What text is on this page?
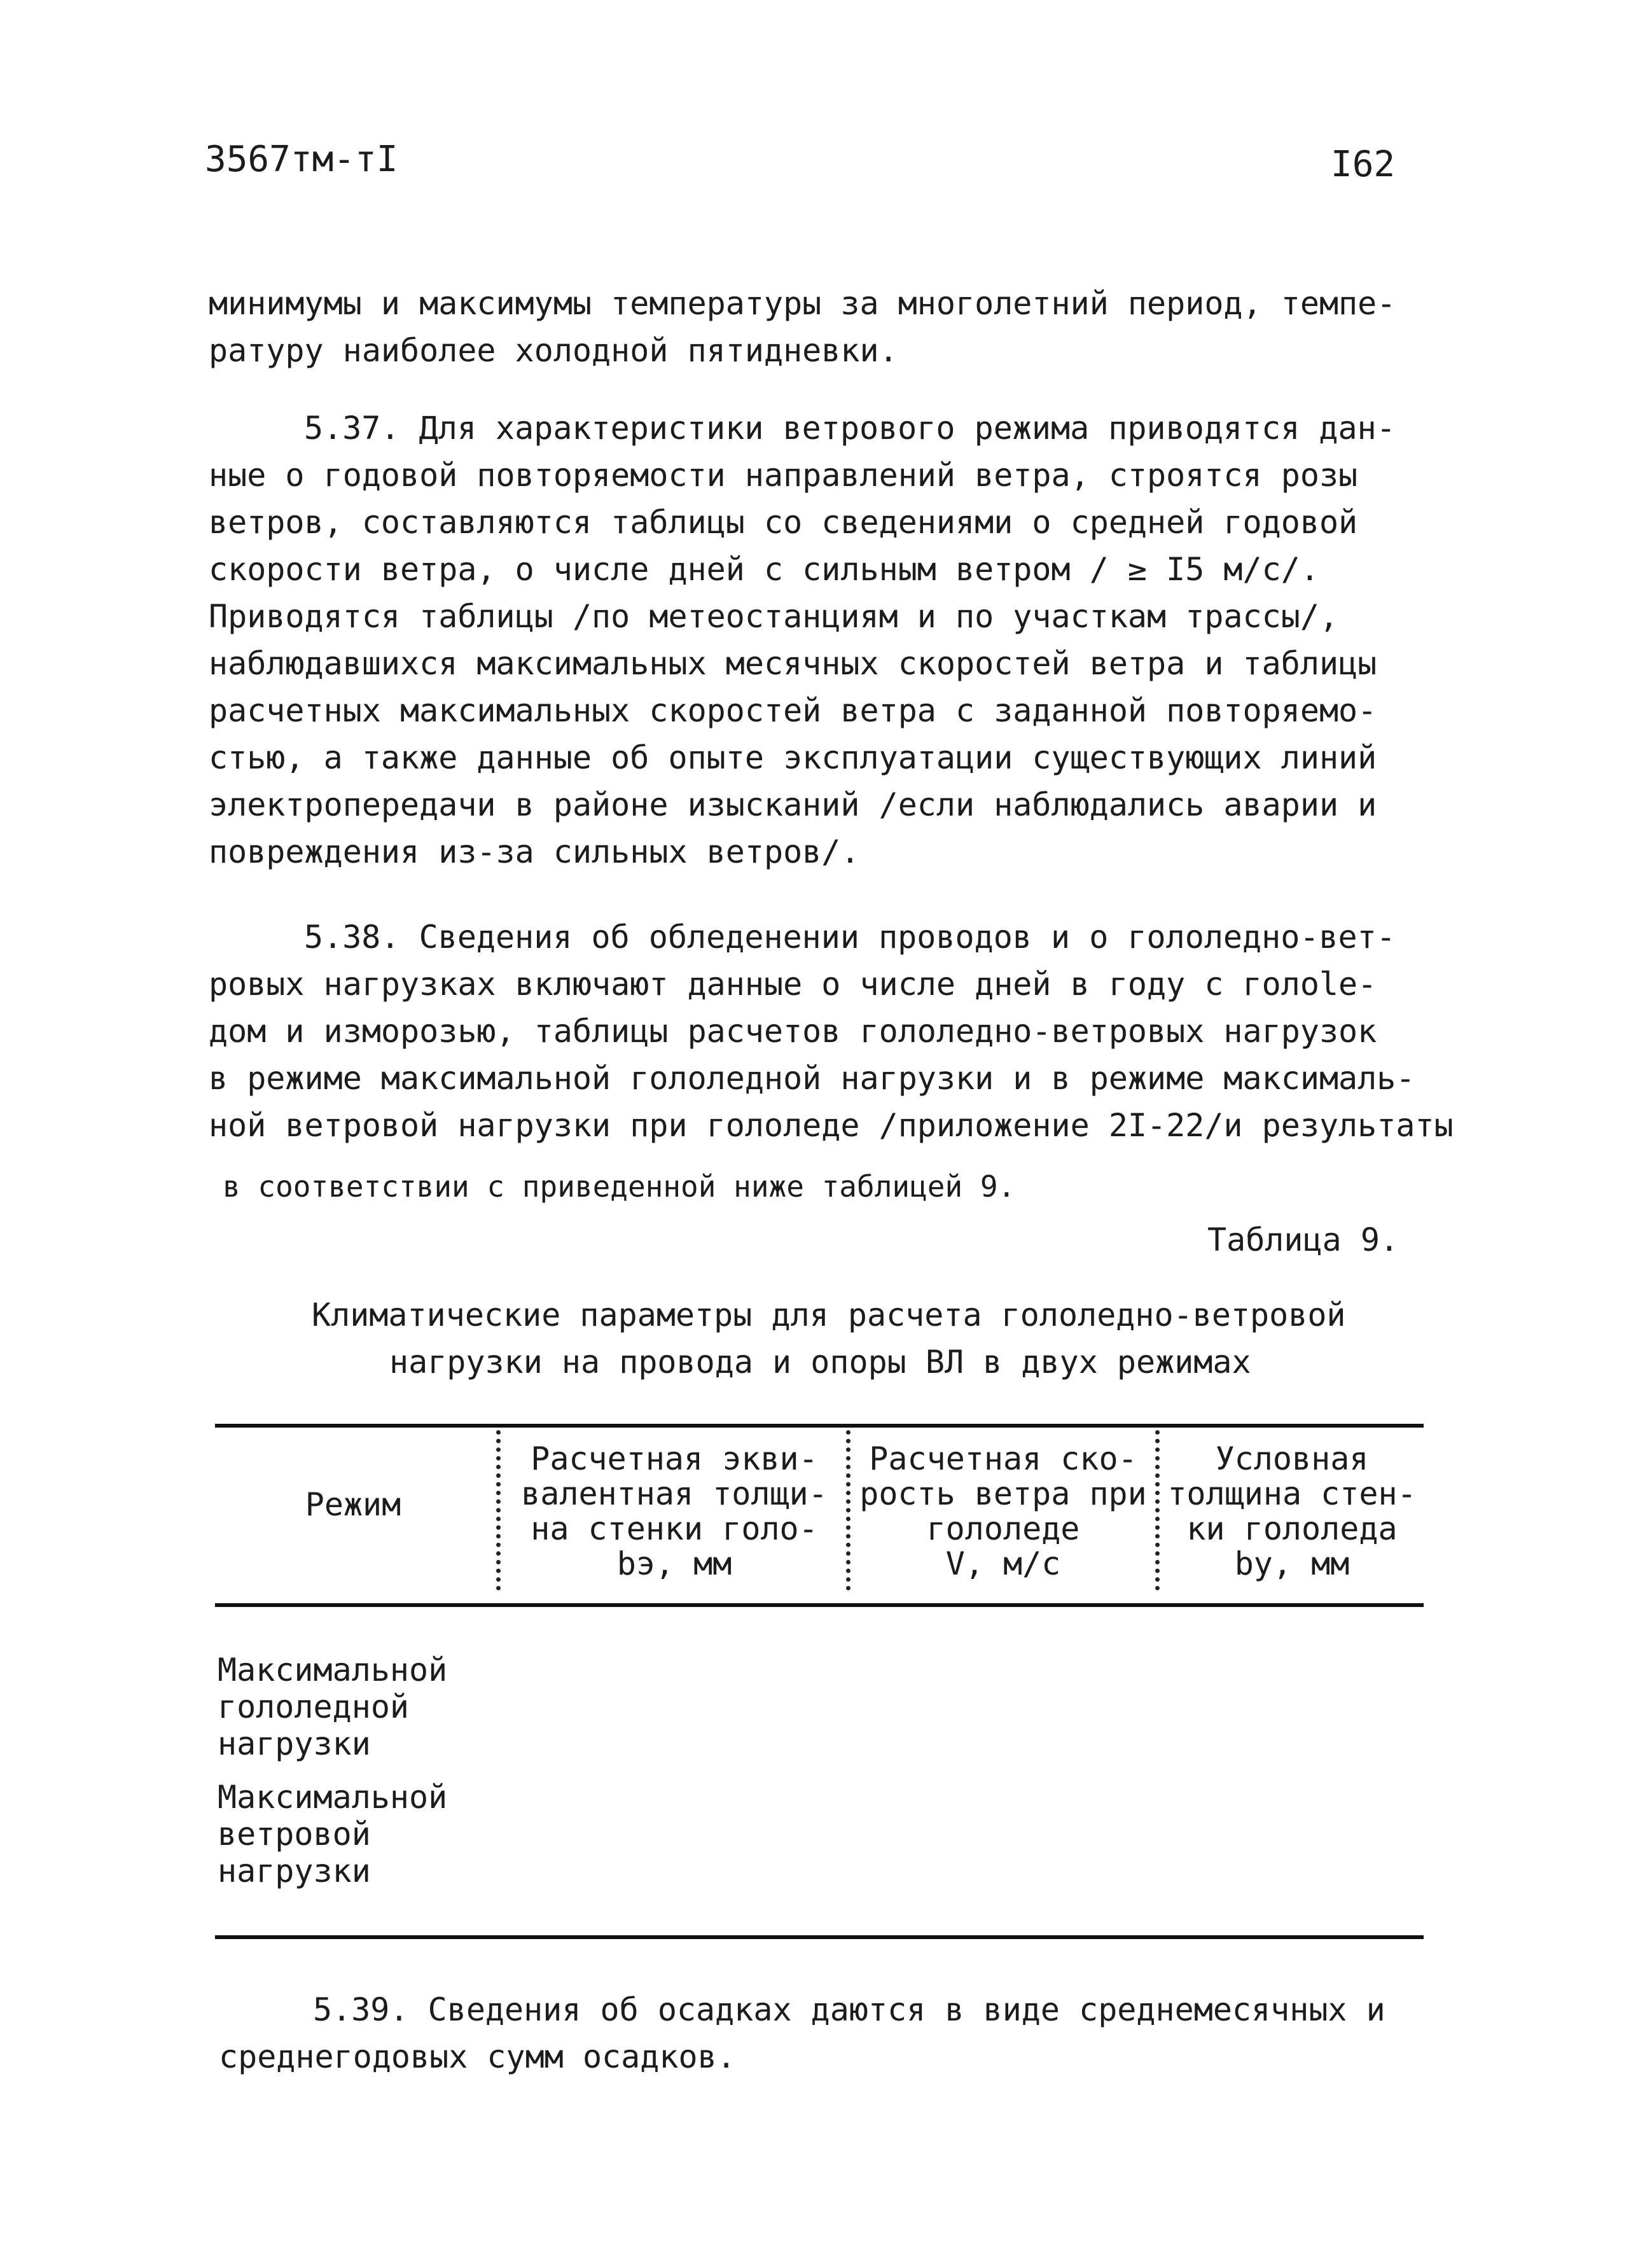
3567тм-тI	I62
минимумы и максимумы температуры за многолетний период, темпе-
ратуру наиболее холодной пятидневки.
5.37. Для характеристики ветрового режима приводятся дан-
ные о годовой повторяемости направлений ветра, строятся розы
ветров, составляются таблицы со сведениями о средней годовой
скорости ветра, о числе дней с сильным ветром / ≥ I5 м/с/.
Приводятся таблицы /по метеостанциям и по участкам трассы/,
наблюдавшихся максимальных месячных скоростей ветра и таблицы
расчетных максимальных скоростей ветра с заданной повторяемо-
стью, а также данные об опыте эксплуатации существующих линий
электропередачи в районе изысканий /если наблюдались аварии и
повреждения из-за сильных ветров/.
5.38. Сведения об обледенении проводов и о гололедно-вет-
ровых нагрузках включают данные о числе дней в году с голole-
дом и изморозью, таблицы расчетов гололедно-ветровых нагрузок
в режиме максимальной гололедной нагрузки и в режиме максималь-
ной ветровой нагрузки при гололеде /приложение 2I-22/и результаты
в соответствии с приведенной ниже таблицей 9.
Таблица 9.
Климатические параметры для расчета гололедно-ветровой
нагрузки на провода и опоры ВЛ в двух режимах
Режим
Расчетная экви-
валентная толщи-
на стенки голо-
bэ, мм
Расчетная ско-
рость ветра при
гололеде
V, м/с
Условная
толщина стен-
ки гололеда
bу, мм
Максимальной
гололедной
нагрузки
Максимальной
ветровой
нагрузки
5.39. Сведения об осадках даются в виде среднемесячных и
среднегодовых сумм осадков.
